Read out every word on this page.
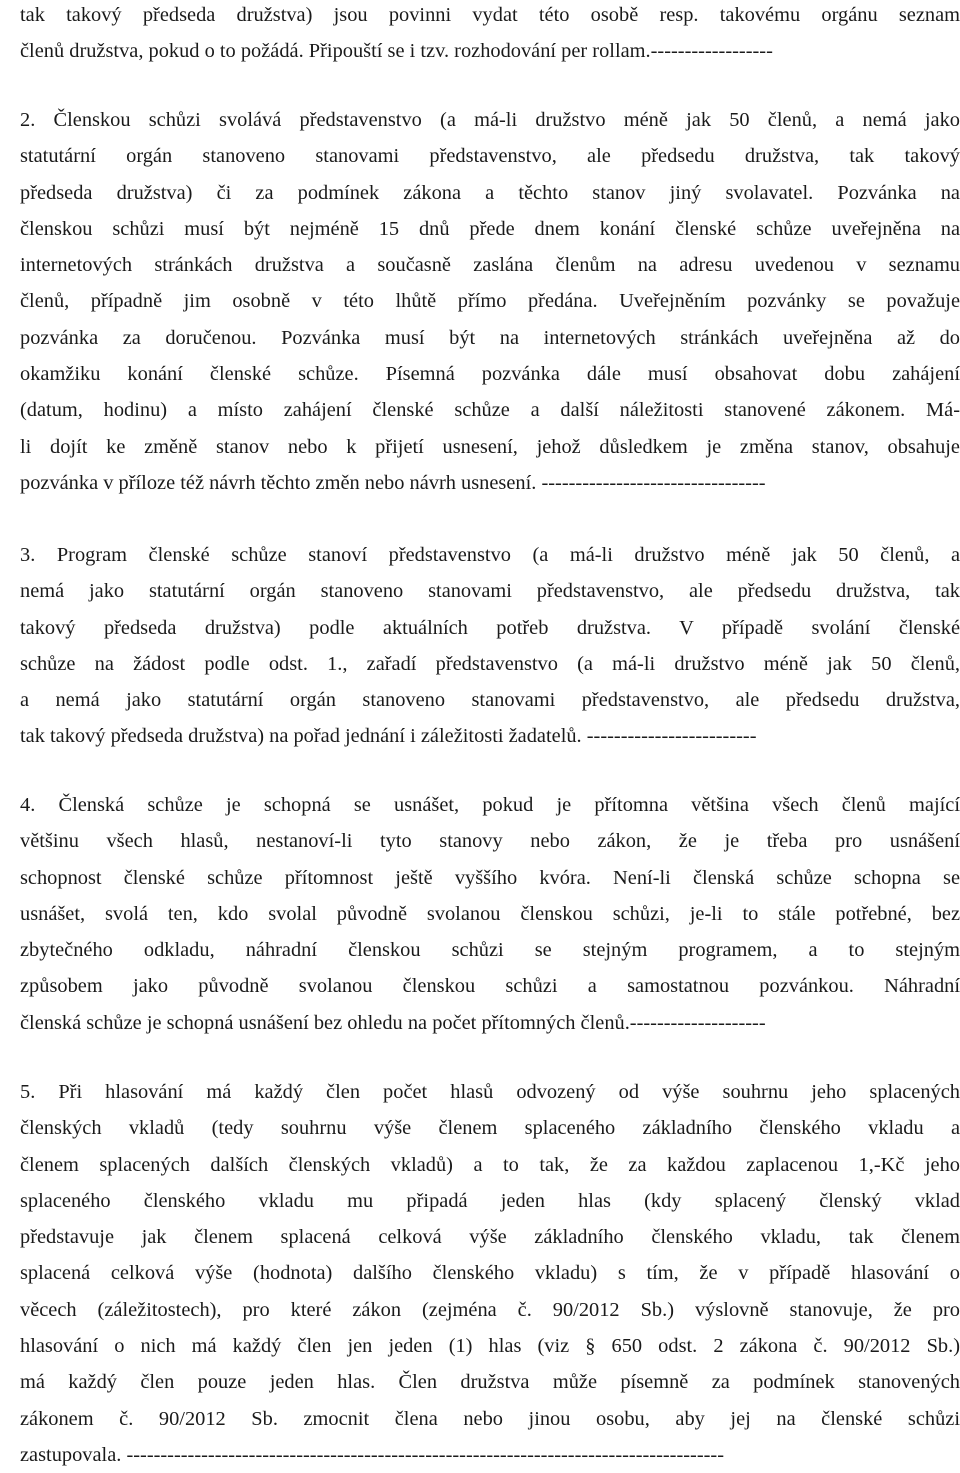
tak takový předseda družstva) jsou povinni vydat této osobě resp. takovému orgánu seznam
členů družstva, pokud o to požádá. Připouští se i tzv. rozhodování per rollam.------------------
2. Členskou schůzi svolává představenstvo (a má-li družstvo méně jak 50 členů, a nemá jako
statutární orgán stanoveno stanovami představenstvo, ale předsedu družstva, tak takový
předseda družstva) či za podmínek zákona a těchto stanov jiný svolavatel. Pozvánka na
členskou schůzi musí být nejméně 15 dnů přede dnem konání členské schůze uveřejněna na
internetových stránkách družstva a současně zaslána členům na adresu uvedenou v seznamu
členů, případně jim osobně v této lhůtě přímo předána. Uveřejněním pozvánky se považuje
pozvánka za doručenou. Pozvánka musí být na internetových stránkách uveřejněna až do
okamžiku konání členské schůze. Písemná pozvánka dále musí obsahovat dobu zahájení
(datum, hodinu) a místo zahájení členské schůze a další náležitosti stanovené zákonem. Má-
li dojít ke změně stanov nebo k přijetí usnesení, jehož důsledkem je změna stanov, obsahuje
pozvánka v příloze též návrh těchto změn nebo návrh usnesení. ---------------------------------
3. Program členské schůze stanoví představenstvo (a má-li družstvo méně jak 50 členů, a
nemá jako statutární orgán stanoveno stanovami představenstvo, ale předsedu družstva, tak
takový předseda družstva) podle aktuálních potřeb družstva. V případě svolání členské
schůze na žádost podle odst. 1., zařadí představenstvo (a má-li družstvo méně jak 50 členů,
a nemá jako statutární orgán stanoveno stanovami představenstvo, ale předsedu družstva,
tak takový předseda družstva) na pořad jednání i záležitosti žadatelů. -------------------------
4. Členská schůze je schopná se usnášet, pokud je přítomna většina všech členů mající
většinu všech hlasů, nestanoví-li tyto stanovy nebo zákon, že je třeba pro usnášení
schopnost členské schůze přítomnost ještě vyššího kvóra. Není-li členská schůze schopna se
usnášet, svolá ten, kdo svolal původně svolanou členskou schůzi, je-li to stále potřebné, bez
zbytečného odkladu, náhradní členskou schůzi se stejným programem, a to stejným
způsobem jako původně svolanou členskou schůzi a samostatnou pozvánkou. Náhradní
členská schůze je schopná usnášení bez ohledu na počet přítomných členů.--------------------
5. Při hlasování má každý člen počet hlasů odvozený od výše souhrnu jeho splacených
členských vkladů (tedy souhrnu výše členem splaceného základního členského vkladu a
členem splacených dalších členských vkladů) a to tak, že za každou zaplacenou 1,-Kč jeho
splaceného členského vkladu mu připadá jeden hlas (kdy splacený členský vklad
představuje jak členem splacená celková výše základního členského vkladu, tak členem
splacená celková výše (hodnota) dalšího členského vkladu) s tím, že v případě hlasování o
věcech (záležitostech), pro které zákon (zejména č. 90/2012 Sb.) výslovně stanovuje, že pro
hlasování o nich má každý člen jen jeden (1) hlas (viz § 650 odst. 2 zákona č. 90/2012 Sb.)
má každý člen pouze jeden hlas. Člen družstva může písemně za podmínek stanovených
zákonem č. 90/2012 Sb. zmocnit člena nebo jinou osobu, aby jej na členské schůzi
zastupovala. ----------------------------------------------------------------------------------------
